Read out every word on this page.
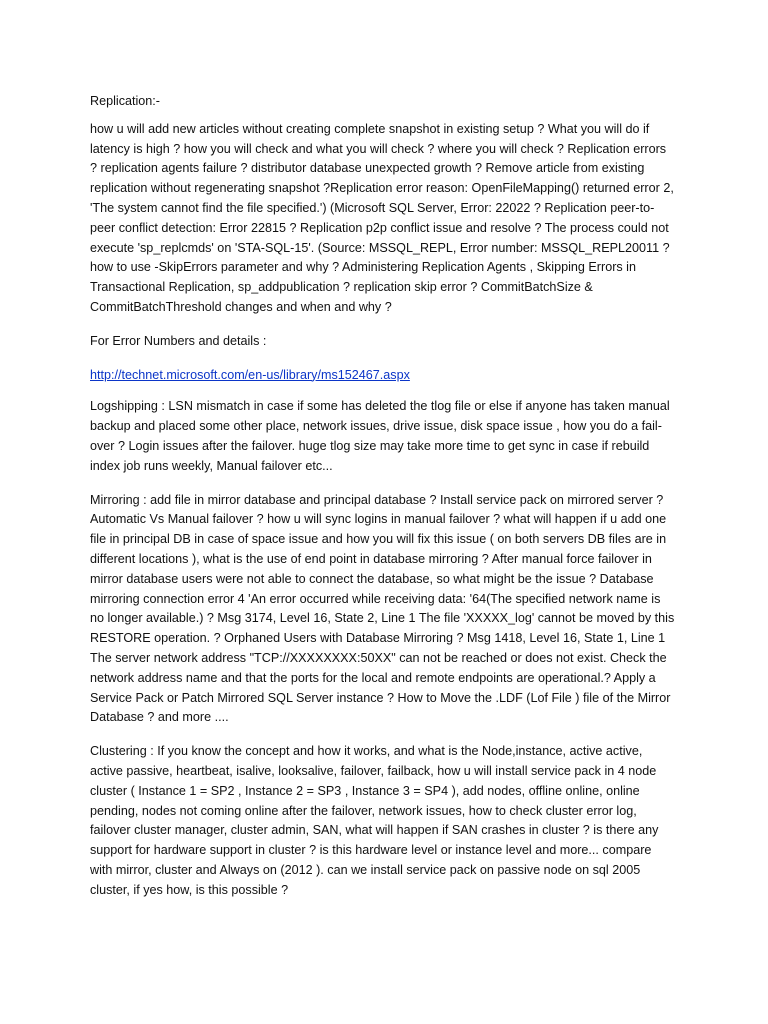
Replication:-

how u will add new articles without creating complete snapshot in existing setup ? What you will do if latency is high ? how you will check and what you will check ? where you will check ? Replication errors ? replication agents failure ? distributor database unexpected growth ? Remove article from existing replication without regenerating snapshot ?Replication error reason: OpenFileMapping() returned error 2, 'The system cannot find the file specified.') (Microsoft SQL Server, Error: 22022 ? Replication peer-to-peer conflict detection: Error 22815 ? Replication p2p conflict issue and resolve ? The process could not execute 'sp_replcmds' on 'STA-SQL-15'. (Source: MSSQL_REPL, Error number: MSSQL_REPL20011 ? how to use -SkipErrors parameter and why ? Administering Replication Agents , Skipping Errors in Transactional Replication, sp_addpublication ? replication skip error ? CommitBatchSize & CommitBatchThreshold changes and when and why ?

For Error Numbers and details :

http://technet.microsoft.com/en-us/library/ms152467.aspx

Logshipping : LSN mismatch in case if some has deleted the tlog file or else if anyone has taken manual backup and placed some other place, network issues, drive issue, disk space issue , how you do a fail-over ? Login issues after the failover. huge tlog size may take more time to get sync in case if rebuild index job runs weekly, Manual failover etc...

Mirroring : add file in mirror database and principal database ? Install service pack on mirrored server ? Automatic Vs Manual failover ? how u will sync logins in manual failover ? what will happen if u add one file in principal DB in case of space issue and how you will fix this issue ( on both servers DB files are in different locations ), what is the use of end point in database mirroring ? After manual force failover in mirror database users were not able to connect the database, so what might be the issue ? Database mirroring connection error 4 'An error occurred while receiving data: '64(The specified network name is no longer available.) ? Msg 3174, Level 16, State 2, Line 1 The file 'XXXXX_log' cannot be moved by this RESTORE operation. ? Orphaned Users with Database Mirroring ? Msg 1418, Level 16, State 1, Line 1 The server network address "TCP://XXXXXXXX:50XX" can not be reached or does not exist. Check the network address name and that the ports for the local and remote endpoints are operational.? Apply a Service Pack or Patch Mirrored SQL Server instance ? How to Move the .LDF (Lof File ) file of the Mirror Database ? and more ....

Clustering : If you know the concept and how it works, and what is the Node,instance, active active, active passive, heartbeat, isalive, looksalive, failover, failback, how u will install service pack in 4 node cluster ( Instance 1 = SP2 , Instance 2 = SP3 , Instance 3 = SP4 ), add nodes, offline online, online pending, nodes not coming online after the failover, network issues, how to check cluster error log, failover cluster manager, cluster admin, SAN, what will happen if SAN crashes in cluster ? is there any support for hardware support in cluster ? is this hardware level or instance level and more... compare with mirror, cluster and Always on (2012 ). can we install service pack on passive node on sql 2005 cluster, if yes how, is this possible ?
